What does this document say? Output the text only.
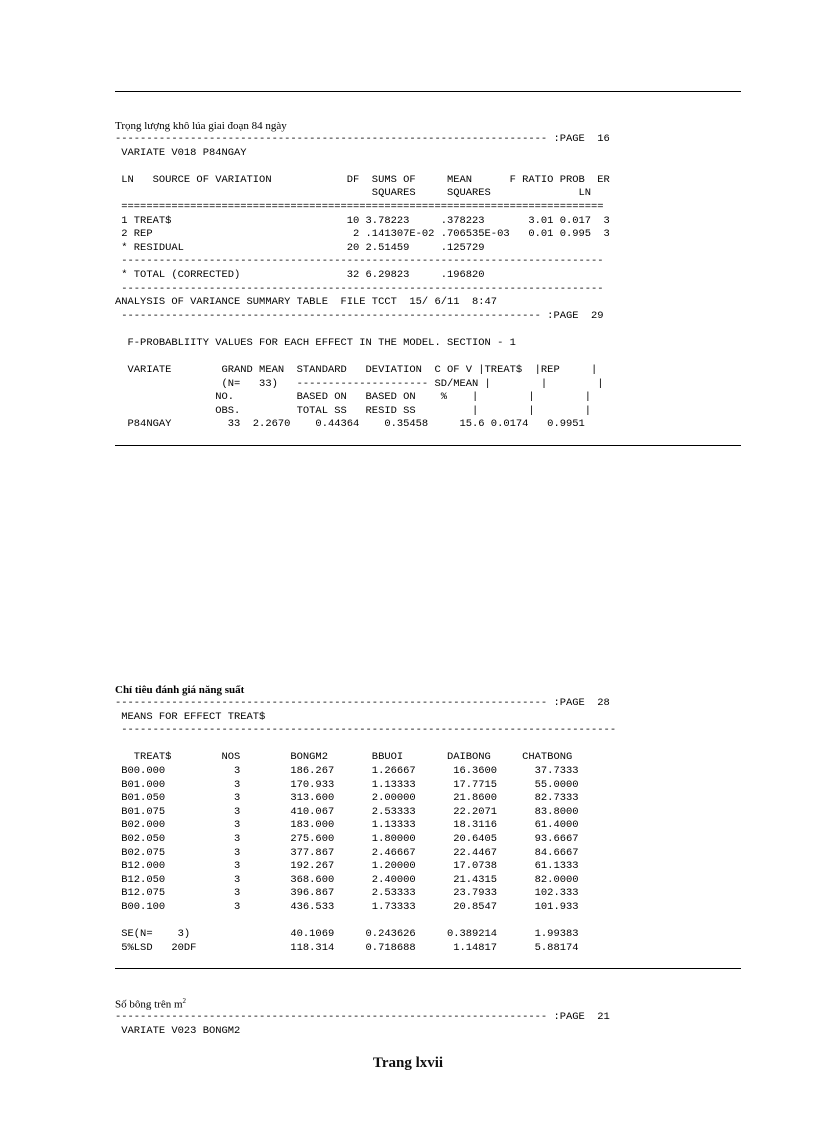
Trọng lượng khô lúa giai đoạn 84 ngày
--------------------------------------------------------------------- :PAGE  16
VARIATE V018 P84NGAY

LN   SOURCE OF VARIATION            DF  SUMS OF     MEAN      F RATIO PROB  ER
SQUARES     SQUARES              LN
=============================================================================
1 TREAT$                            10 3.78223     .378223       3.01 0.017  3
2 REP                                2 .141307E-02 .706535E-03   0.01 0.995  3
* RESIDUAL                          20 2.51459     .125729
-----------------------------------------------------------------------------
* TOTAL (CORRECTED)                 32 6.29823     .196820
-----------------------------------------------------------------------------
ANALYSIS OF VARIANCE SUMMARY TABLE  FILE TCCT  15/ 6/11  8:47
------------------------------------------------------------------- :PAGE  29

F-PROBABLIITY VALUES FOR EACH EFFECT IN THE MODEL. SECTION - 1

VARIATE        GRAND MEAN  STANDARD   DEVIATION  C OF V |TREAT$  |REP     |
(N=   33)   --------------------- SD/MEAN |        |        |
NO.          BASED ON   BASED ON    %    |        |        |
OBS.         TOTAL SS   RESID SS         |        |        |
P84NGAY         33  2.2670    0.44364    0.35458     15.6 0.0174   0.9951
Chỉ tiêu đánh giá năng suất
--------------------------------------------------------------------- :PAGE  28
MEANS FOR EFFECT TREAT$
-------------------------------------------------------------------------------

TREAT$        NOS        BONGM2       BBUOI       DAIBONG     CHATBONG
B00.000           3        186.267      1.26667      16.3600      37.7333
B01.000           3        170.933      1.13333      17.7715      55.0000
B01.050           3        313.600      2.00000      21.8600      82.7333
B01.075           3        410.067      2.53333      22.2071      83.8000
B02.000           3        183.000      1.13333      18.3116      61.4000
B02.050           3        275.600      1.80000      20.6405      93.6667
B02.075           3        377.867      2.46667      22.4467      84.6667
B12.000           3        192.267      1.20000      17.0738      61.1333
B12.050           3        368.600      2.40000      21.4315      82.0000
B12.075           3        396.867      2.53333      23.7933      102.333
B00.100           3        436.533      1.73333      20.8547      101.933

SE(N=    3)                40.1069     0.243626     0.389214      1.99383
5%LSD   20DF               118.314     0.718688      1.14817      5.88174
Số bông trên $m^2$
--------------------------------------------------------------------- :PAGE  21
VARIATE V023 BONGM2
Trang lxvii
